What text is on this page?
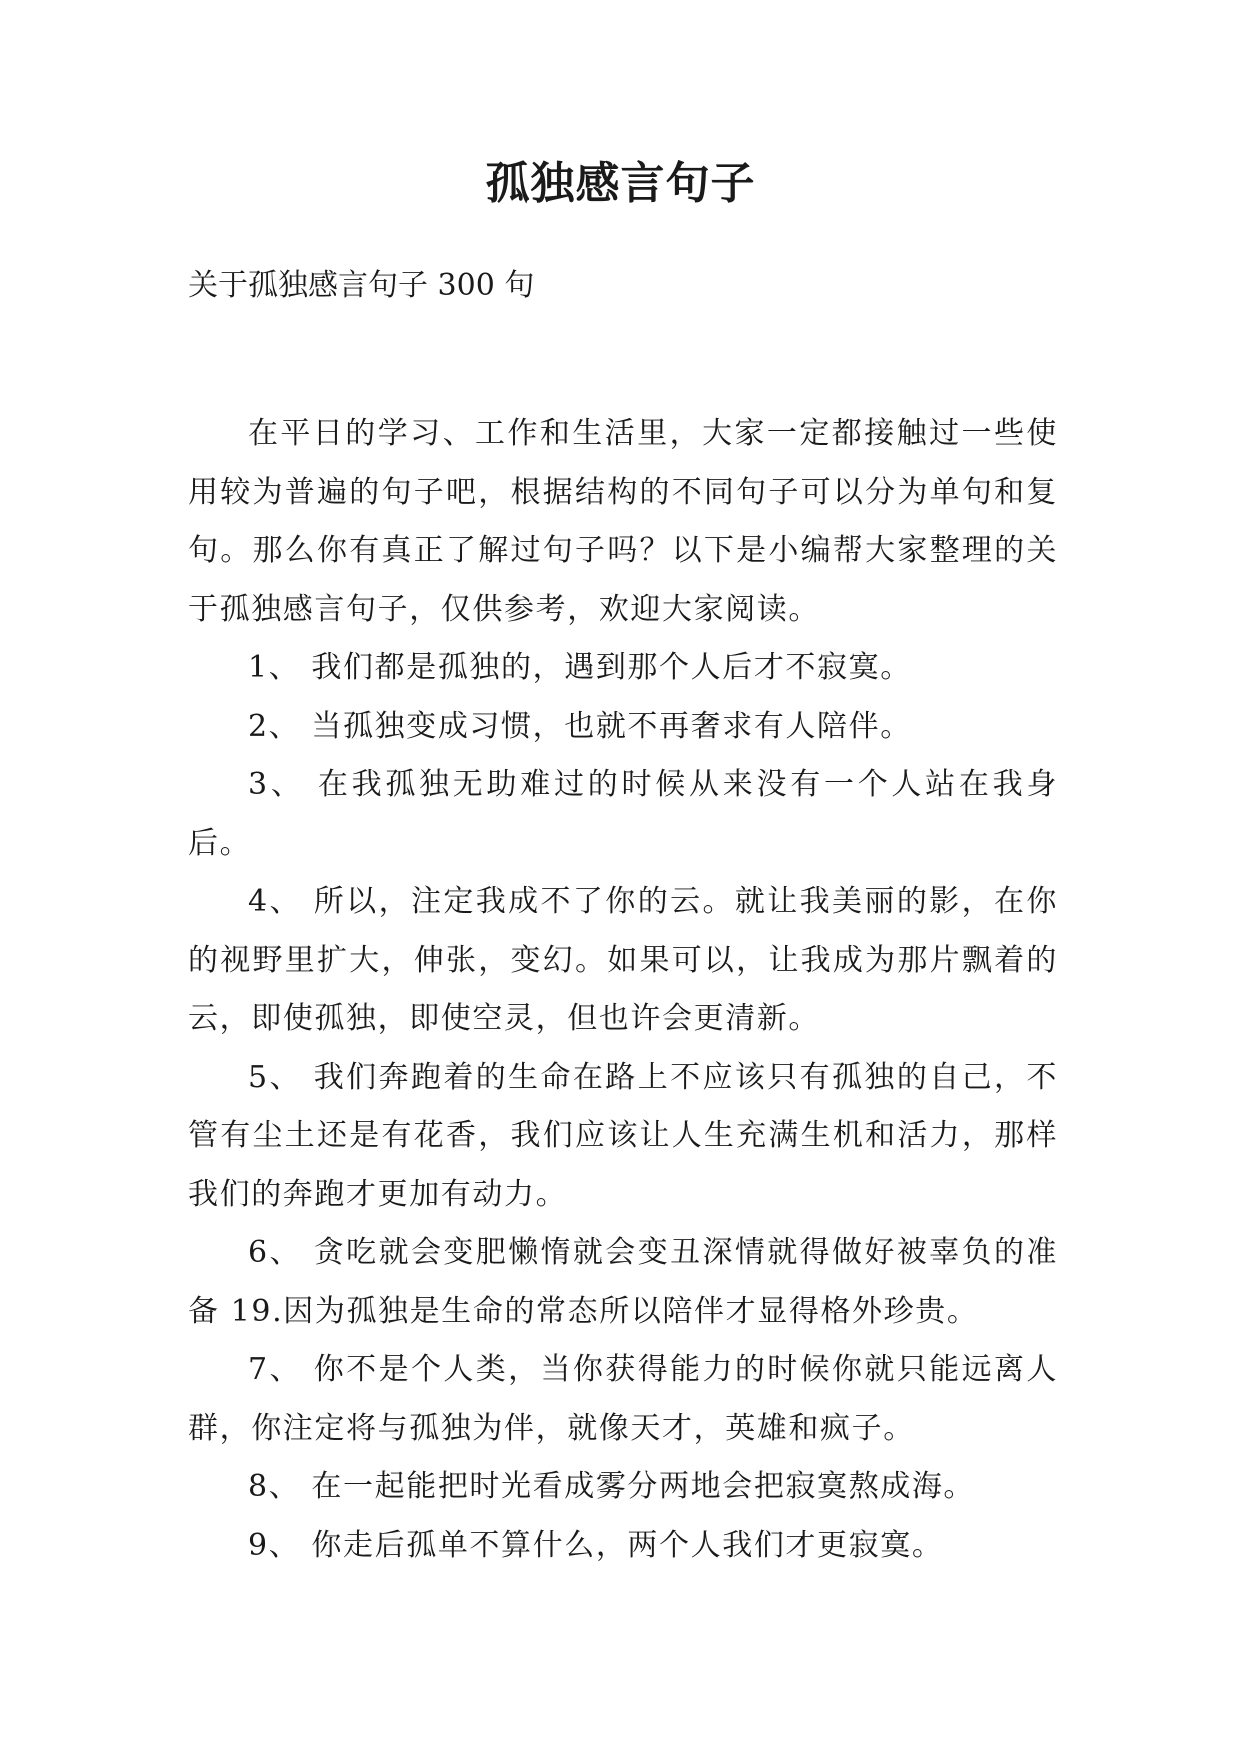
孤独感言句子
关于孤独感言句子 300 句

在平日的学习、工作和生活里，大家一定都接触过一些使用较为普遍的句子吧，根据结构的不同句子可以分为单句和复句。那么你有真正了解过句子吗？以下是小编帮大家整理的关于孤独感言句子，仅供参考，欢迎大家阅读。

1、 我们都是孤独的，遇到那个人后才不寂寞。

2、 当孤独变成习惯，也就不再奢求有人陪伴。

3、 在我孤独无助难过的时候从来没有一个人站在我身后。

4、 所以，注定我成不了你的云。就让我美丽的影，在你的视野里扩大，伸张，变幻。如果可以，让我成为那片飘着的云，即使孤独，即使空灵，但也许会更清新。

5、 我们奔跑着的生命在路上不应该只有孤独的自己，不管有尘土还是有花香，我们应该让人生充满生机和活力，那样我们的奔跑才更加有动力。

6、 贪吃就会变肥懒惰就会变丑深情就得做好被辜负的准备 19.因为孤独是生命的常态所以陪伴才显得格外珍贵。

7、 你不是个人类，当你获得能力的时候你就只能远离人群，你注定将与孤独为伴，就像天才，英雄和疯子。

8、 在一起能把时光看成雾分两地会把寂寞熬成海。

9、 你走后孤单不算什么，两个人我们才更寂寞。
